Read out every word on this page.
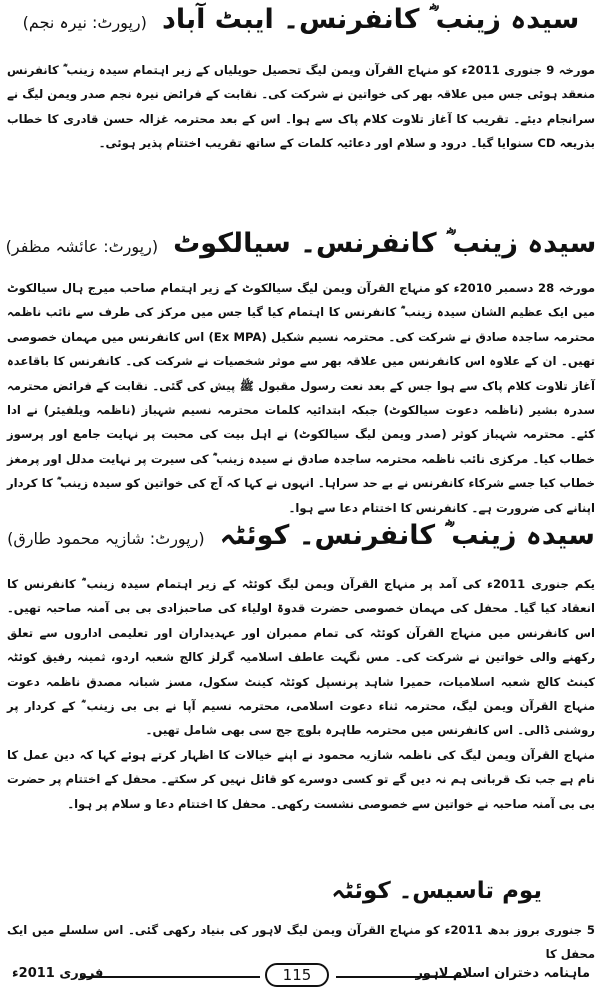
سیدہ زینب ؓ کانفرنس۔ ایبٹ آباد (رپورٹ: نیرہ نجم)

مورخہ 9 جنوری 2011ء کو منہاج القرآن ویمن لیگ تحصیل حویلیاں کے زیر اہتمام سیدہ زینب ؓ کانفرنس منعقد ہوئی جس میں علاقہ بھر کی خواتین نے شرکت کی۔ نقابت کے فرائض نیرہ نجم صدر ویمن لیگ نے سرانجام دیئے۔ تقریب کا آغاز تلاوت کلام پاک سے ہوا۔ اس کے بعد محترمہ غزالہ حسن قادری کا خطاب بذریعہ CD سنوایا گیا۔ درود و سلام اور دعائیہ کلمات کے ساتھ تقریب اختتام پذیر ہوئی۔

سیدہ زینب ؓ کانفرنس۔ سیالکوٹ (رپورٹ: عائشہ مظفر)

مورخہ 28 دسمبر 2010ء کو منہاج القرآن ویمن لیگ سیالکوٹ کے زیر اہتمام صاحب میرج ہال سیالکوٹ میں ایک عظیم الشان سیدہ زینب ؓ کانفرنس کا اہتمام کیا گیا جس میں مرکز کی طرف سے نائب ناظمہ محترمہ ساجدہ صادق نے شرکت کی۔ محترمہ نسیم شکیل (Ex MPA) اس کانفرنس میں مہمان خصوصی تھیں۔ ان کے علاوہ اس کانفرنس میں علاقہ بھر سے موثر شخصیات نے شرکت کی۔ کانفرنس کا باقاعدہ آغاز تلاوت کلام پاک سے ہوا جس کے بعد نعت رسول مقبول ﷺ پیش کی گئی۔ نقابت کے فرائض محترمہ سدرہ بشیر (ناظمہ دعوت سیالکوٹ) جبکہ ابتدائیہ کلمات محترمہ نسیم شہباز (ناظمہ ویلفیئر) نے ادا کئے۔ محترمہ شہباز کوثر (صدر ویمن لیگ سیالکوٹ) نے اہل بیت کی محبت پر نہایت جامع اور پرسوز خطاب کیا۔ مرکزی نائب ناظمہ محترمہ ساجدہ صادق نے سیدہ زینب ؓ کی سیرت پر نہایت مدلل اور پرمغز خطاب کیا جسے شرکاء کانفرنس نے بے حد سراہا۔ انہوں نے کہا کہ آج کی خواتین کو سیدہ زینب ؓ کا کردار اپنانے کی ضرورت ہے۔ کانفرنس کا اختتام دعا سے ہوا۔

سیدہ زینب ؓ کانفرنس۔ کوئٹہ (رپورٹ: شازیہ محمود طارق)

یکم جنوری 2011ء کی آمد پر منہاج القرآن ویمن لیگ کوئٹہ کے زیر اہتمام سیدہ زینب ؓ کانفرنس کا انعقاد کیا گیا۔ محفل کی مہمان خصوصی حضرت قدوۃ اولیاء کی صاحبزادی بی بی آمنہ صاحبہ تھیں۔ اس کانفرنس میں منہاج القرآن کوئٹہ کی تمام ممبران اور عہدیداران اور تعلیمی اداروں سے تعلق رکھنے والی خواتین نے شرکت کی۔ مس نگہت عاطف اسلامیہ گرلز کالج شعبہ اردو، ثمینہ رفیق کوئٹہ کینٹ کالج شعبہ اسلامیات، حمیرا شاہد پرنسپل کوئٹہ کینٹ سکول، مسز شبانہ مصدق ناظمہ دعوت منہاج القرآن ویمن لیگ، محترمہ ثناء دعوت اسلامی، محترمہ نسیم آپا نے بی بی زینب ؓ کے کردار پر روشنی ڈالی۔ اس کانفرنس میں محترمہ طاہرہ بلوچ جج سی بھی شامل تھیں۔

منہاج القرآن ویمن لیگ کی ناظمہ شازیہ محمود نے اپنے خیالات کا اظہار کرتے ہوئے کہا کہ دین عمل کا نام ہے جب تک قربانی ہم نہ دیں گے تو کسی دوسرے کو قائل نہیں کر سکتے۔ محفل کے اختتام پر حضرت بی بی آمنہ صاحبہ نے خواتین سے خصوصی نشست رکھی۔ محفل کا اختتام دعا و سلام پر ہوا۔

یوم تاسیس۔ کوئٹہ

5 جنوری بروز بدھ 2011ء کو منہاج القرآن ویمن لیگ لاہور کی بنیاد رکھی گئی۔ اس سلسلے میں ایک محفل کا

115	ماہنامہ دختران اسلام لاہور
فروری 2011ء
